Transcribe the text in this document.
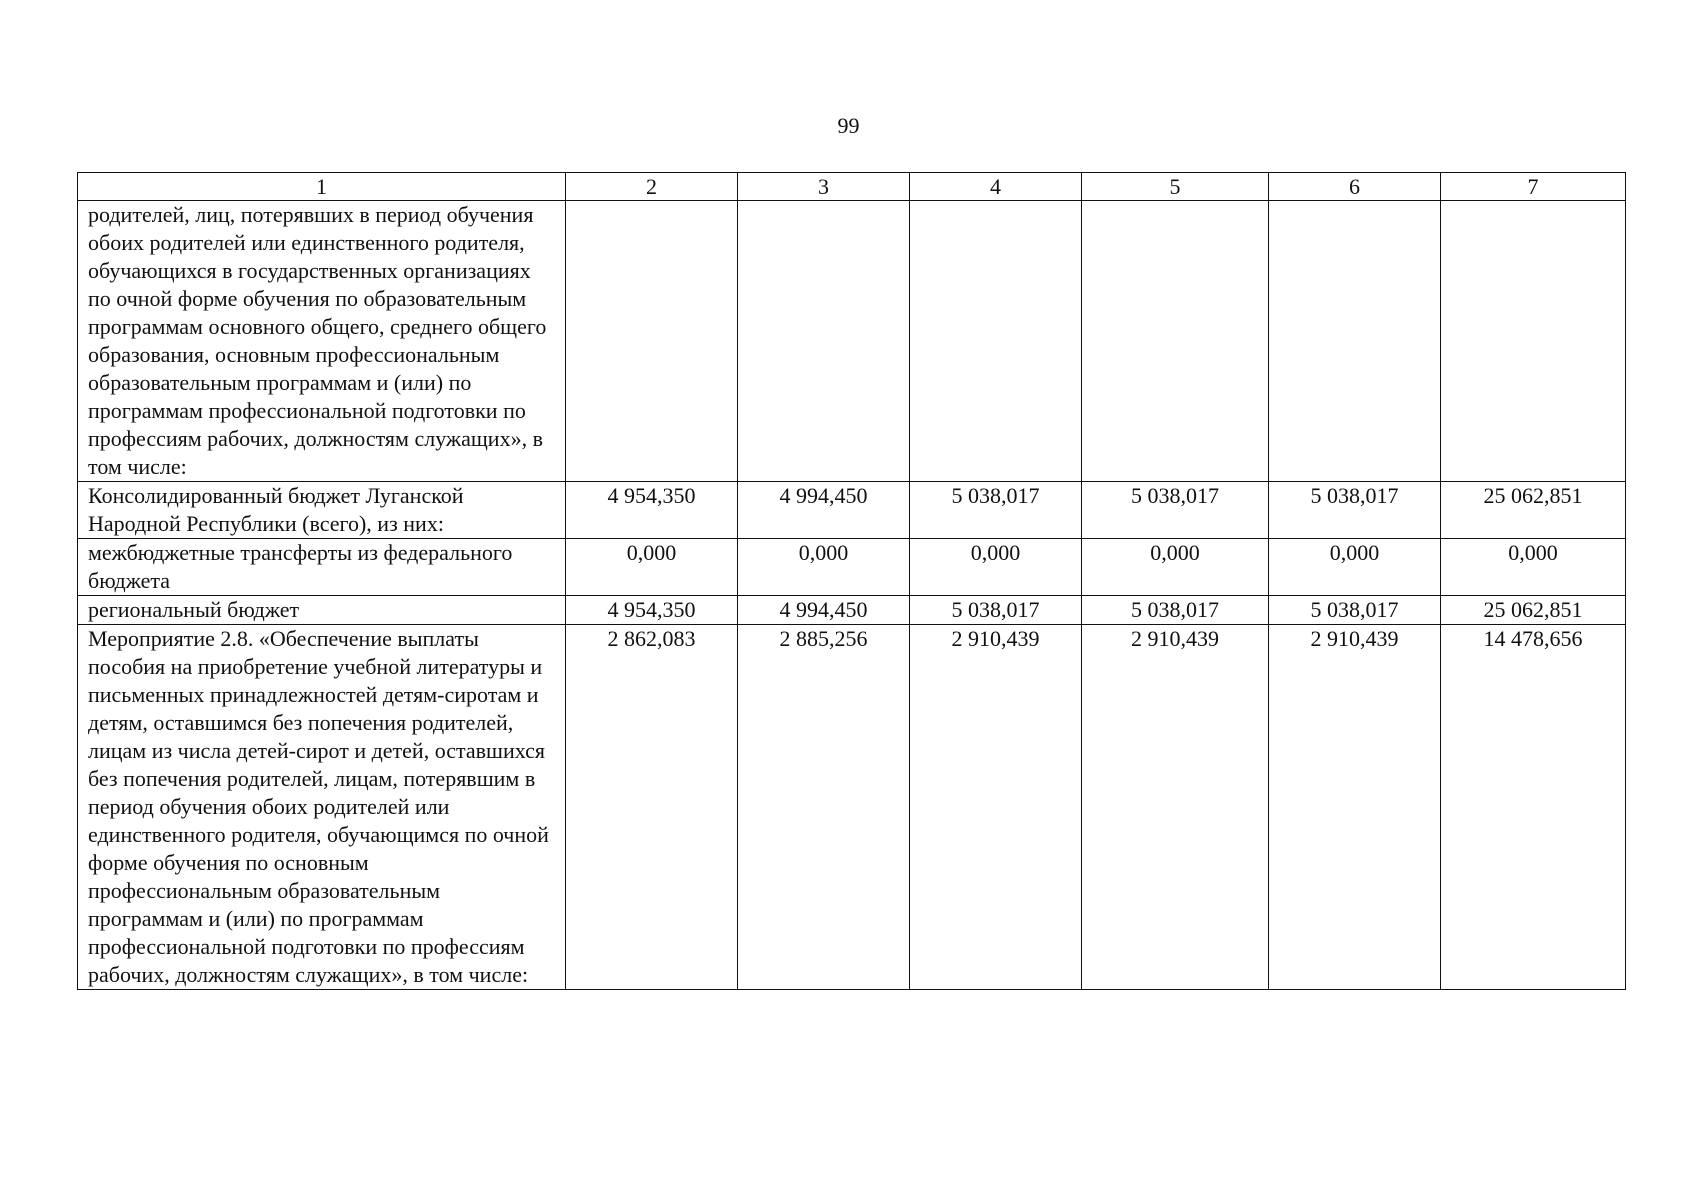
99
1	2	3	4	5	6	7
родителей, лиц, потерявших в период обучения обоих родителей или единственного родителя, обучающихся в государственных организациях по очной форме обучения по образовательным программам основного общего, среднего общего образования, основным профессиональным образовательным программам и (или) по программам профессиональной подготовки по профессиям рабочих, должностям служащих», в том числе:						
Консолидированный бюджет Луганской Народной Республики (всего), из них:	4 954,350	4 994,450	5 038,017	5 038,017	5 038,017	25 062,851
межбюджетные трансферты из федерального бюджета	0,000	0,000	0,000	0,000	0,000	0,000
региональный бюджет	4 954,350	4 994,450	5 038,017	5 038,017	5 038,017	25 062,851
Мероприятие 2.8. «Обеспечение выплаты пособия на приобретение учебной литературы и письменных принадлежностей детям-сиротам и детям, оставшимся без попечения родителей, лицам из числа детей-сирот и детей, оставшихся без попечения родителей, лицам, потерявшим в период обучения обоих родителей или единственного родителя, обучающимся по очной форме обучения по основным профессиональным образовательным программам и (или) по программам профессиональной подготовки по профессиям рабочих, должностям служащих», в том числе:	2 862,083	2 885,256	2 910,439	2 910,439	2 910,439	14 478,656
